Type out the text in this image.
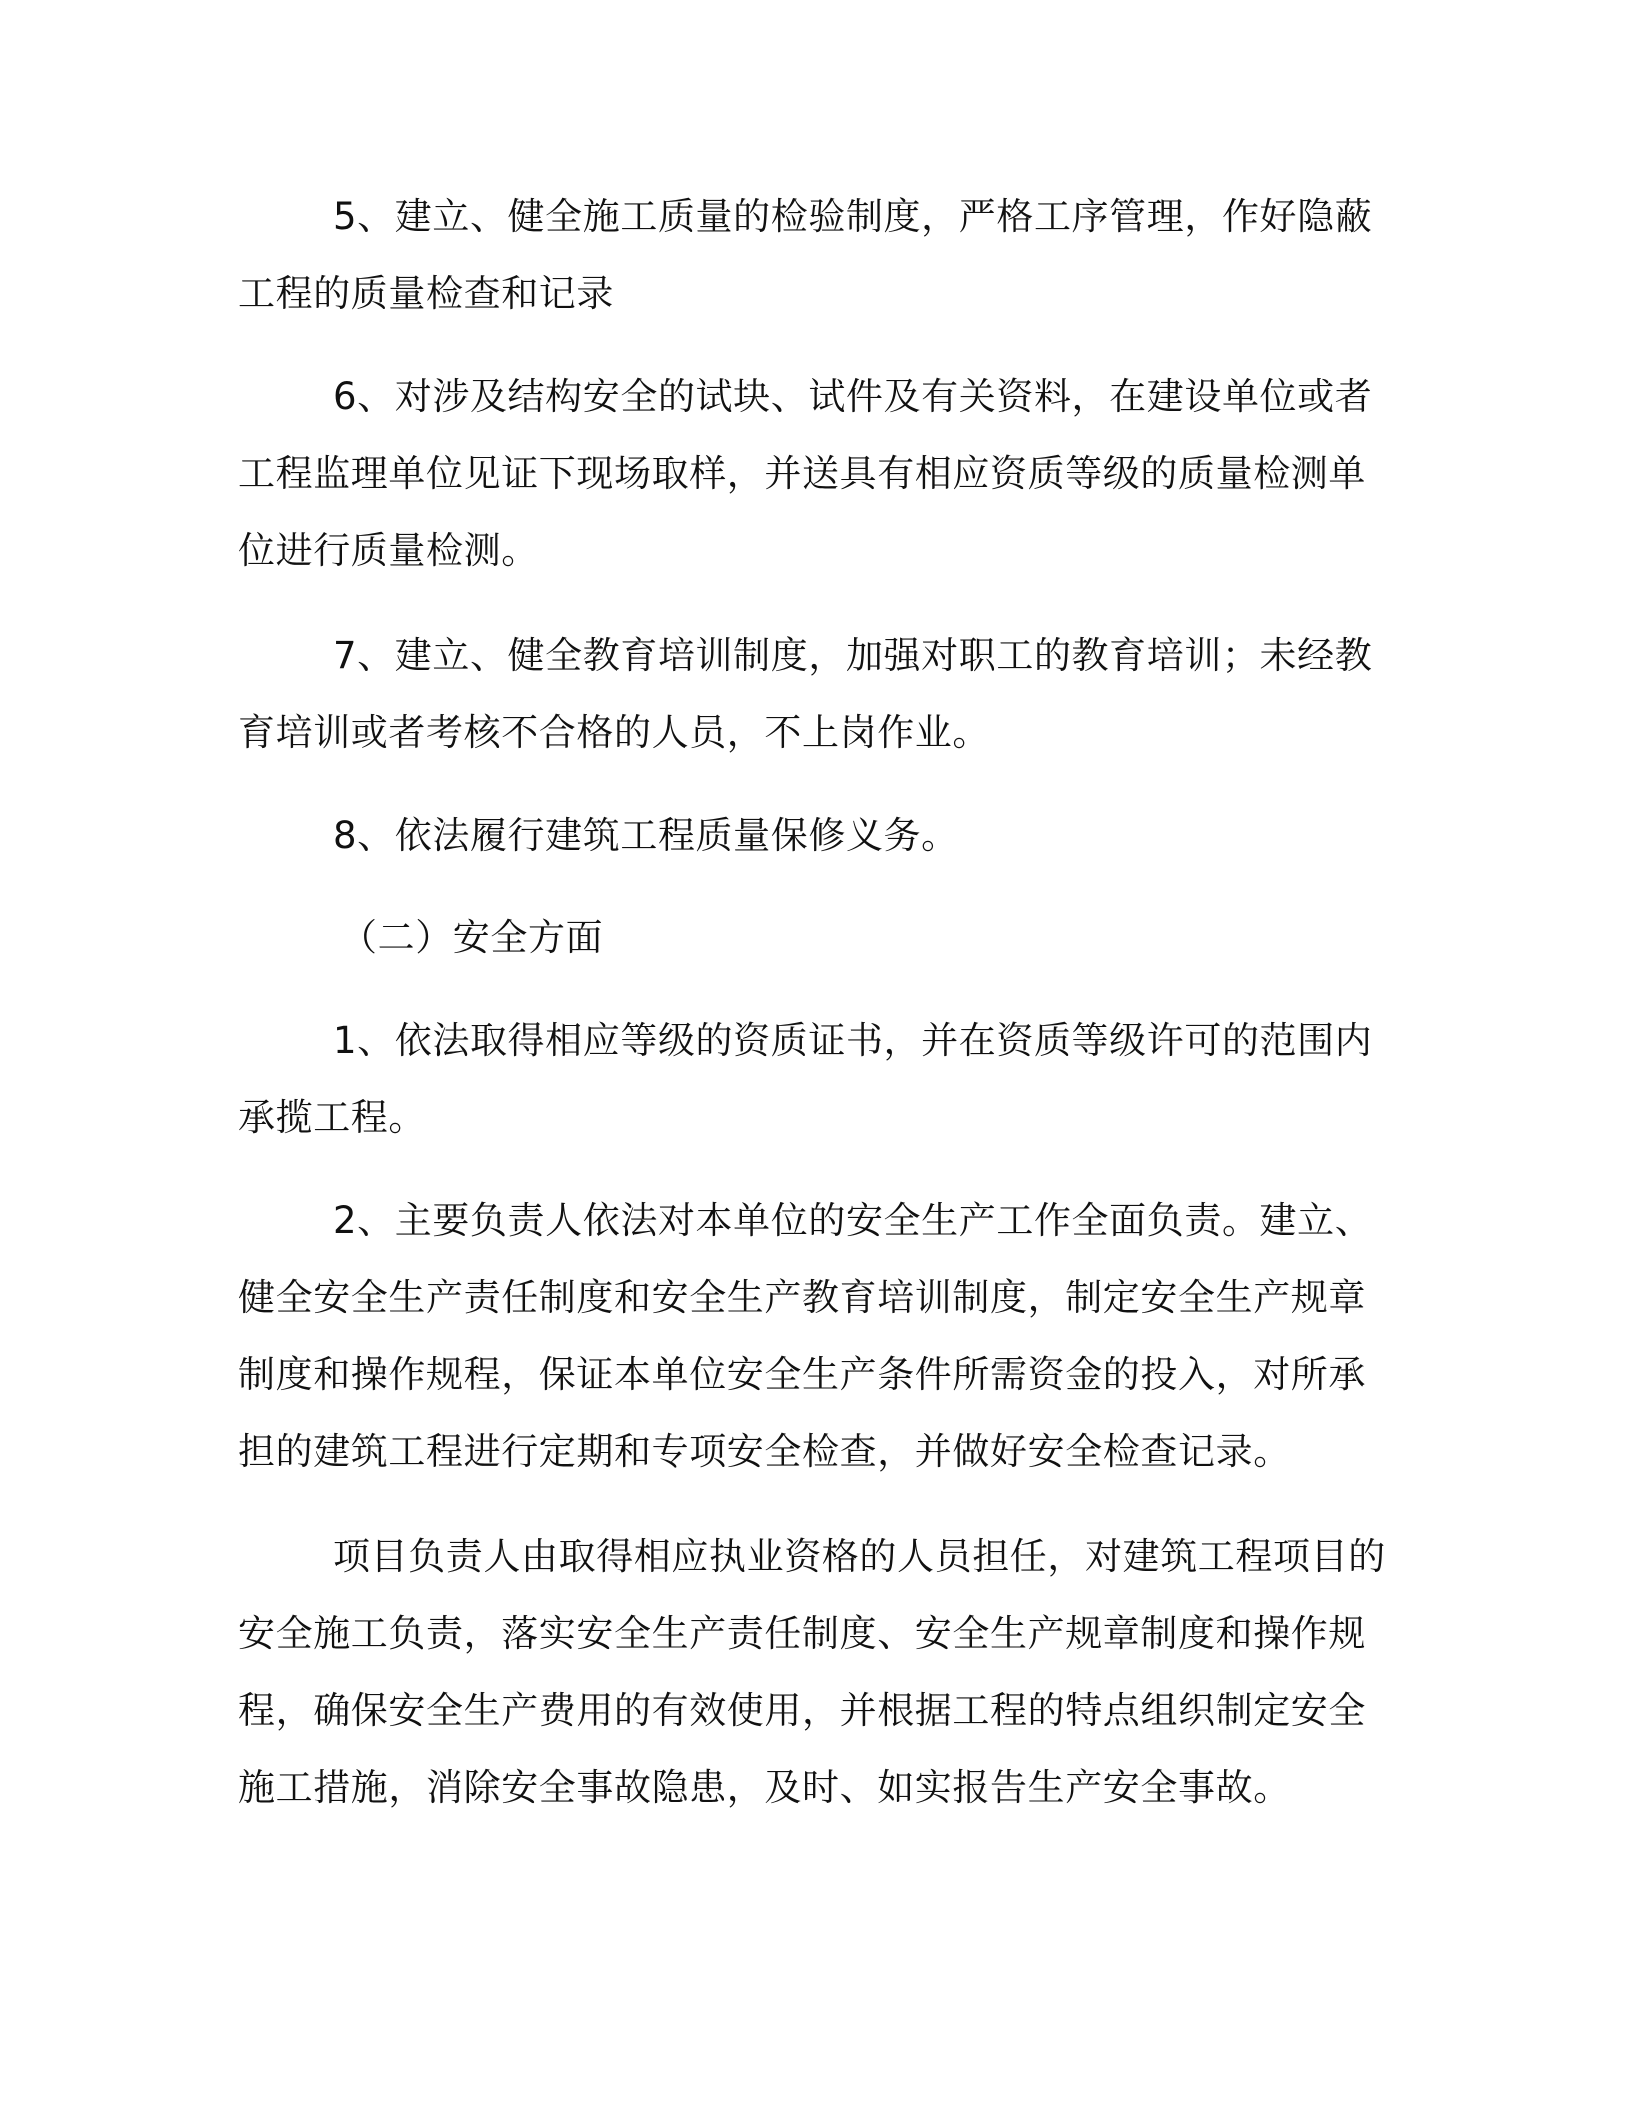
5、建立、健全施工质量的检验制度，严格工序管理，作好隐蔽
工程的质量检查和记录
6、对涉及结构安全的试块、试件及有关资料，在建设单位或者
工程监理单位见证下现场取样，并送具有相应资质等级的质量检测单
位进行质量检测。
7、建立、健全教育培训制度，加强对职工的教育培训；未经教
育培训或者考核不合格的人员，不上岗作业。
8、依法履行建筑工程质量保修义务。
（二）安全方面
1、依法取得相应等级的资质证书，并在资质等级许可的范围内
承揽工程。
2、主要负责人依法对本单位的安全生产工作全面负责。建立、
健全安全生产责任制度和安全生产教育培训制度，制定安全生产规章
制度和操作规程，保证本单位安全生产条件所需资金的投入，对所承
担的建筑工程进行定期和专项安全检查，并做好安全检查记录。
项目负责人由取得相应执业资格的人员担任，对建筑工程项目的
安全施工负责，落实安全生产责任制度、安全生产规章制度和操作规
程，确保安全生产费用的有效使用，并根据工程的特点组织制定安全
施工措施，消除安全事故隐患，及时、如实报告生产安全事故。
